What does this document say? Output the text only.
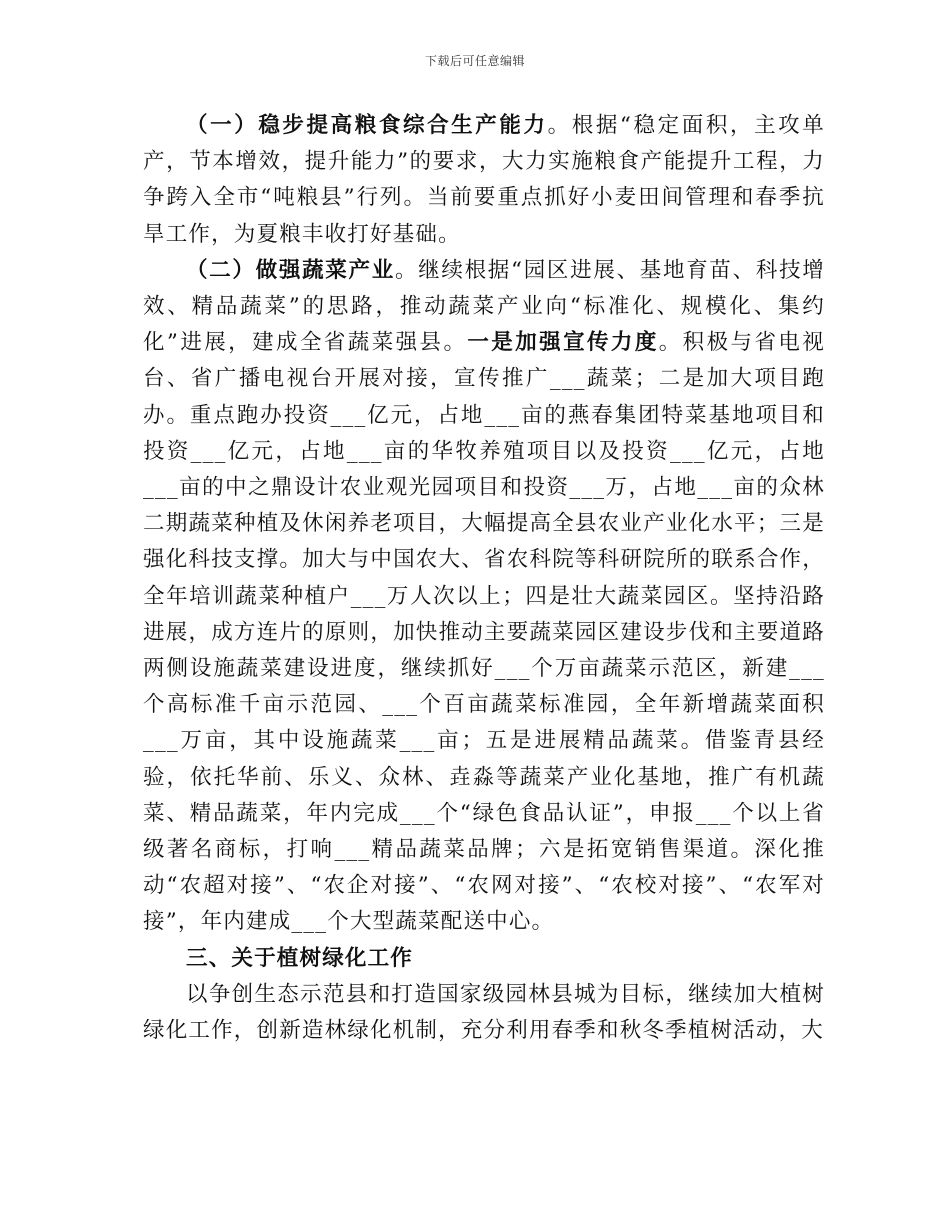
下载后可任意编辑

（一）稳步提高粮食综合生产能力。根据“稳定面积，主攻单产，节本增效，提升能力”的要求，大力实施粮食产能提升工程，力争跨入全市“吨粮县”行列。当前要重点抓好小麦田间管理和春季抗旱工作，为夏粮丰收打好基础。

（二）做强蔬菜产业。继续根据“园区进展、基地育苗、科技增效、精品蔬菜”的思路，推动蔬菜产业向“标准化、规模化、集约化”进展，建成全省蔬菜强县。一是加强宣传力度。积极与省电视台、省广播电视台开展对接，宣传推广___蔬菜；二是加大项目跑办。重点跑办投资___亿元，占地___亩的燕春集团特菜基地项目和投资___亿元，占地___亩的华牧养殖项目以及投资___亿元，占地___亩的中之鼎设计农业观光园项目和投资___万，占地___亩的众林二期蔬菜种植及休闲养老项目，大幅提高全县农业产业化水平；三是强化科技支撑。加大与中国农大、省农科院等科研院所的联系合作，全年培训蔬菜种植户___万人次以上；四是壮大蔬菜园区。坚持沿路进展，成方连片的原则，加快推动主要蔬菜园区建设步伐和主要道路两侧设施蔬菜建设进度，继续抓好___个万亩蔬菜示范区，新建___个高标准千亩示范园、___个百亩蔬菜标准园，全年新增蔬菜面积___万亩，其中设施蔬菜___亩；五是进展精品蔬菜。借鉴青县经验，依托华前、乐义、众林、垚淼等蔬菜产业化基地，推广有机蔬菜、精品蔬菜，年内完成___个“绿色食品认证”，申报___个以上省级著名商标，打响___精品蔬菜品牌；六是拓宽销售渠道。深化推动“农超对接”、“农企对接”、“农网对接”、“农校对接”、“农军对接”，年内建成___个大型蔬菜配送中心。

三、关于植树绿化工作

以争创生态示范县和打造国家级园林县城为目标，继续加大植树绿化工作，创新造林绿化机制，充分利用春季和秋冬季植树活动，大
